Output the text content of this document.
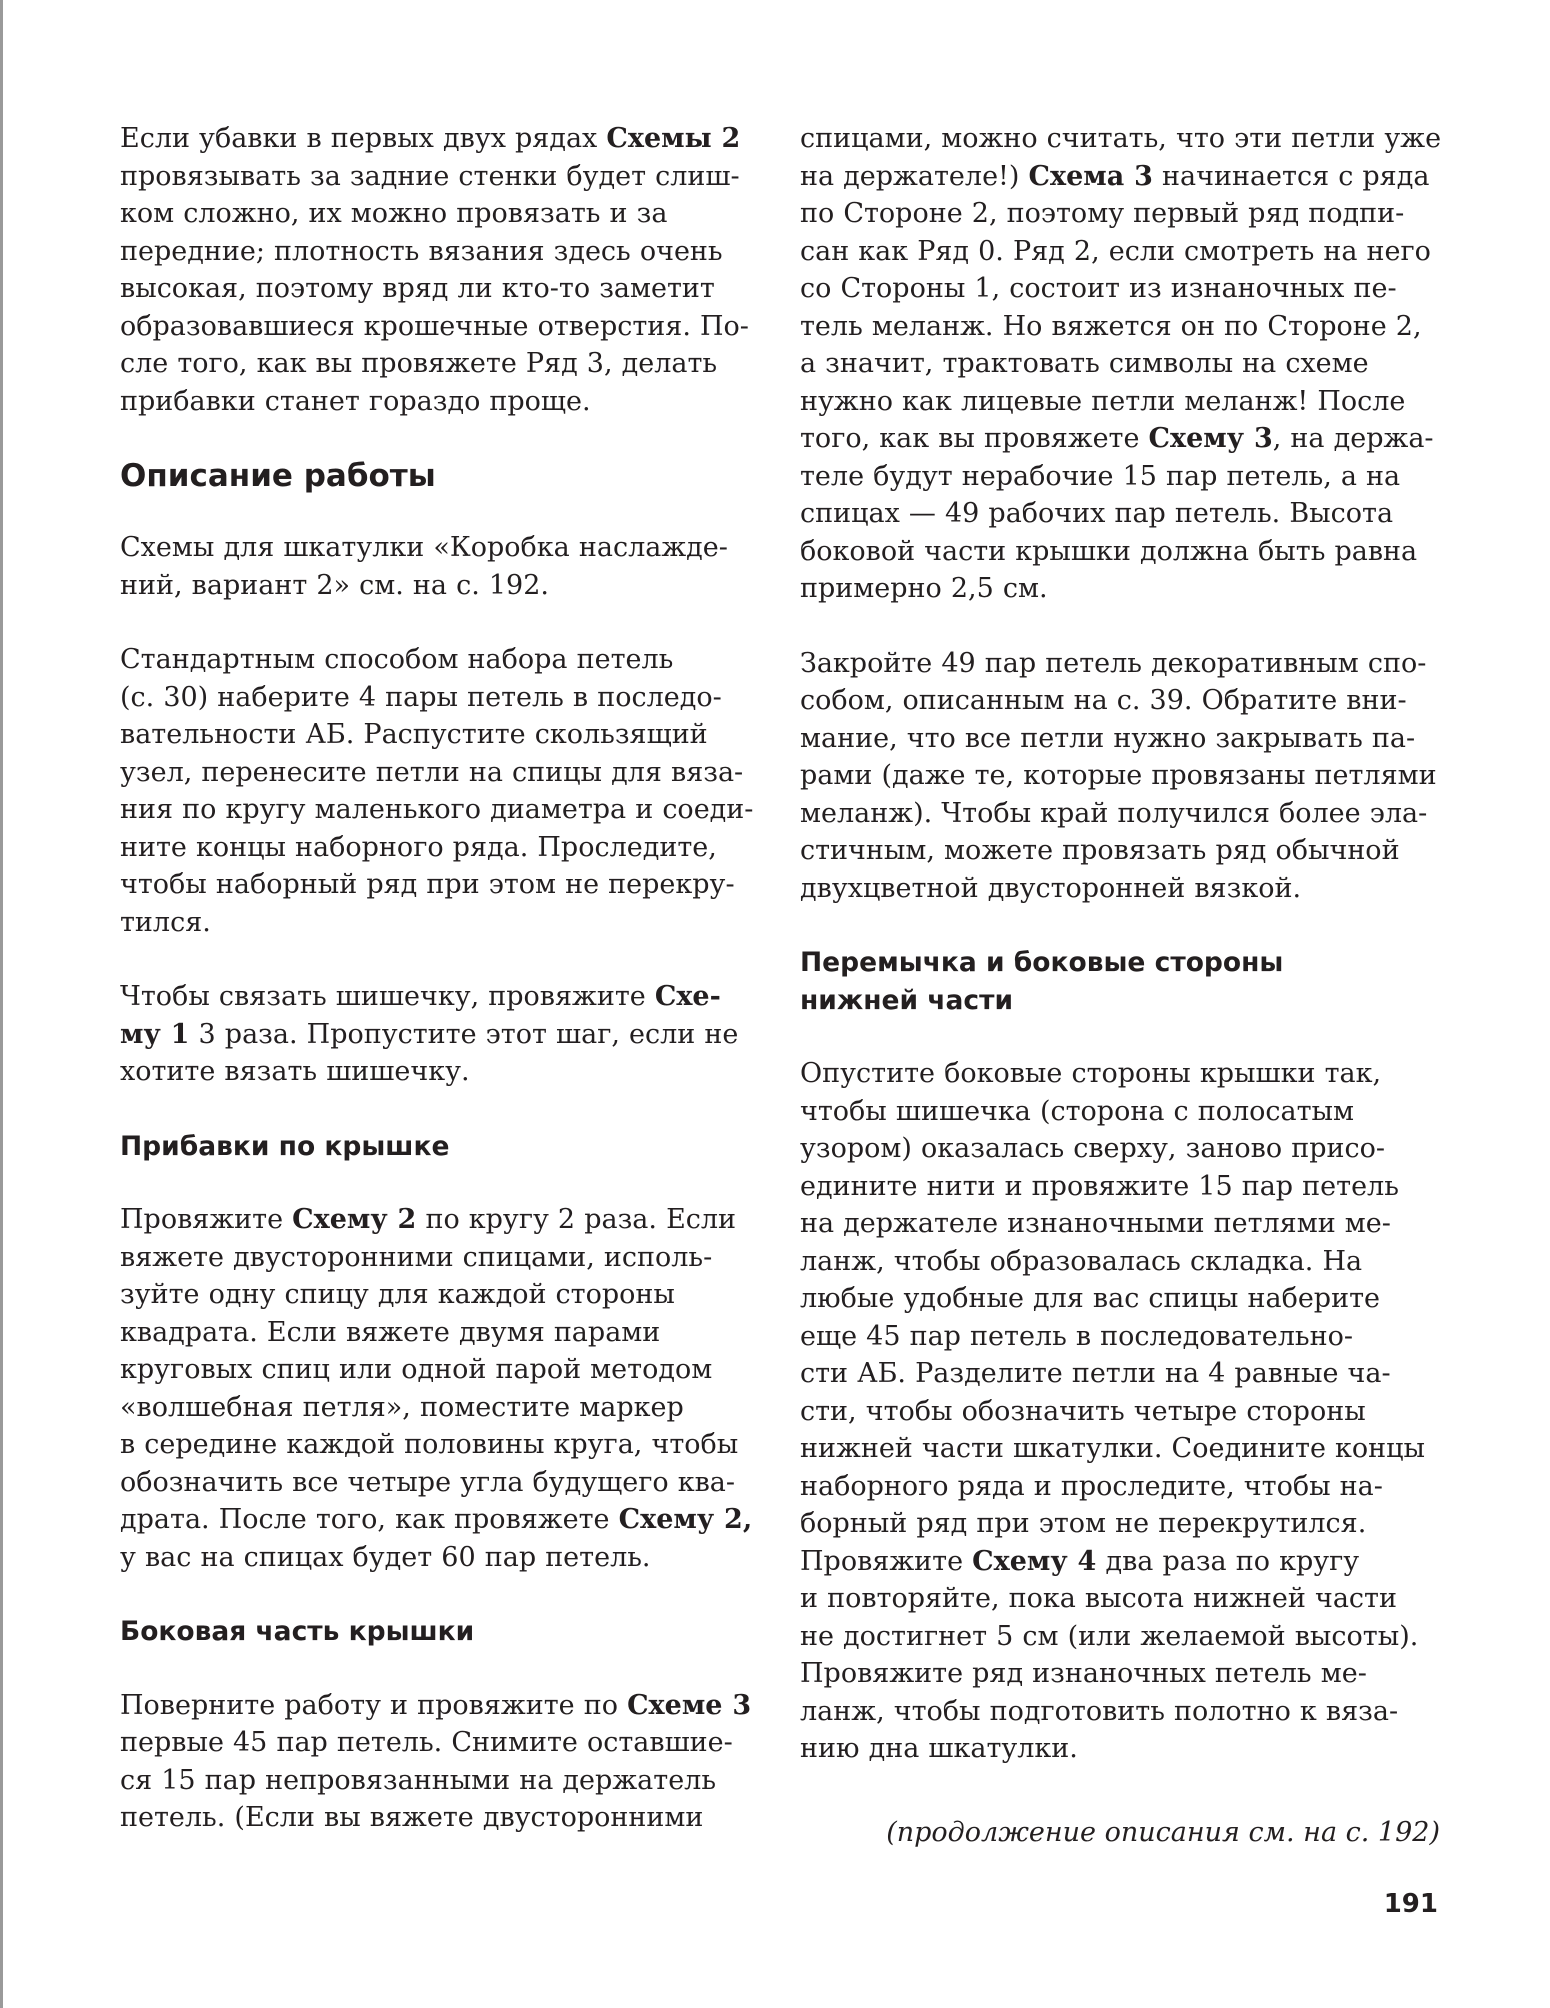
Если убавки в первых двух рядах Схемы 2
провязывать за задние стенки будет слиш-
ком сложно, их можно провязать и за
передние; плотность вязания здесь очень
высокая, поэтому вряд ли кто-то заметит
образовавшиеся крошечные отверстия. По-
сле того, как вы провяжете Ряд 3, делать
прибавки станет гораздо проще.

Описание работы

Схемы для шкатулки «Коробка наслажде-
ний, вариант 2» см. на с. 192.

Стандартным способом набора петель
(с. 30) наберите 4 пары петель в последо-
вательности АБ. Распустите скользящий
узел, перенесите петли на спицы для вяза-
ния по кругу маленького диаметра и соеди-
ните концы наборного ряда. Проследите,
чтобы наборный ряд при этом не перекру-
тился.

Чтобы связать шишечку, провяжите Схе-
му 1 3 раза. Пропустите этот шаг, если не
хотите вязать шишечку.

Прибавки по крышке

Провяжите Схему 2 по кругу 2 раза. Если
вяжете двусторонними спицами, исполь-
зуйте одну спицу для каждой стороны
квадрата. Если вяжете двумя парами
круговых спиц или одной парой методом
«волшебная петля», поместите маркер
в середине каждой половины круга, чтобы
обозначить все четыре угла будущего ква-
драта. После того, как провяжете Схему 2,
у вас на спицах будет 60 пар петель.

Боковая часть крышки

Поверните работу и провяжите по Схеме 3
первые 45 пар петель. Снимите оставшие-
ся 15 пар непровязанными на держатель
петель. (Если вы вяжете двусторонними

спицами, можно считать, что эти петли уже
на держателе!) Схема 3 начинается с ряда
по Стороне 2, поэтому первый ряд подпи-
сан как Ряд 0. Ряд 2, если смотреть на него
со Стороны 1, состоит из изнаночных пе-
тель меланж. Но вяжется он по Стороне 2,
а значит, трактовать символы на схеме
нужно как лицевые петли меланж! После
того, как вы провяжете Схему 3, на держа-
теле будут нерабочие 15 пар петель, а на
спицах — 49 рабочих пар петель. Высота
боковой части крышки должна быть равна
примерно 2,5 см.

Закройте 49 пар петель декоративным спо-
собом, описанным на с. 39. Обратите вни-
мание, что все петли нужно закрывать па-
рами (даже те, которые провязаны петлями
меланж). Чтобы край получился более эла-
стичным, можете провязать ряд обычной
двухцветной двусторонней вязкой.

Перемычка и боковые стороны
нижней части

Опустите боковые стороны крышки так,
чтобы шишечка (сторона с полосатым
узором) оказалась сверху, заново присо-
едините нити и провяжите 15 пар петель
на держателе изнаночными петлями ме-
ланж, чтобы образовалась складка. На
любые удобные для вас спицы наберите
еще 45 пар петель в последовательно-
сти АБ. Разделите петли на 4 равные ча-
сти, чтобы обозначить четыре стороны
нижней части шкатулки. Соедините концы
наборного ряда и проследите, чтобы на-
борный ряд при этом не перекрутился.
Провяжите Схему 4 два раза по кругу
и повторяйте, пока высота нижней части
не достигнет 5 см (или желаемой высоты).
Провяжите ряд изнаночных петель ме-
ланж, чтобы подготовить полотно к вяза-
нию дна шкатулки.

(продолжение описания см. на с. 192)

191
